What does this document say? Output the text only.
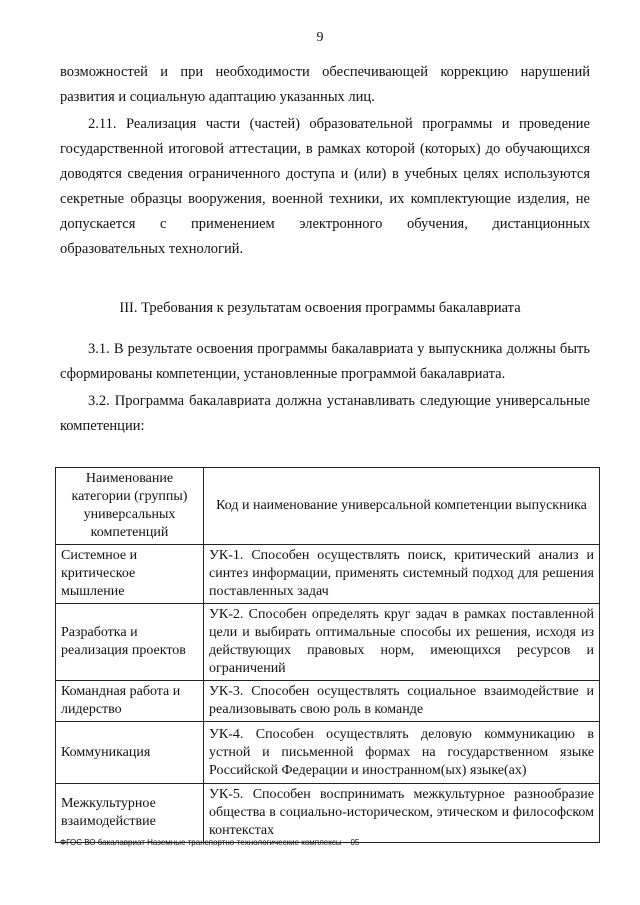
9

возможностей и при необходимости обеспечивающей коррекцию нарушений развития и социальную адаптацию указанных лиц.

2.11. Реализация части (частей) образовательной программы и проведение государственной итоговой аттестации, в рамках которой (которых) до обучающихся доводятся сведения ограниченного доступа и (или) в учебных целях используются секретные образцы вооружения, военной техники, их комплектующие изделия, не допускается с применением электронного обучения, дистанционных образовательных технологий.

III. Требования к результатам освоения программы бакалавриата

3.1. В результате освоения программы бакалавриата у выпускника должны быть сформированы компетенции, установленные программой бакалавриата.

3.2. Программа бакалавриата должна устанавливать следующие универсальные компетенции:

Наименование категории (группы) универсальных компетенций	Код и наименование универсальной компетенции выпускника
Системное и критическое мышление	УК-1. Способен осуществлять поиск, критический анализ и синтез информации, применять системный подход для решения поставленных задач
Разработка и реализация проектов	УК-2. Способен определять круг задач в рамках поставленной цели и выбирать оптимальные способы их решения, исходя из действующих правовых норм, имеющихся ресурсов и ограничений
Командная работа и лидерство	УК-3. Способен осуществлять социальное взаимодействие и реализовывать свою роль в команде
Коммуникация	УК-4. Способен осуществлять деловую коммуникацию в устной и письменной формах на государственном языке Российской Федерации и иностранном(ых) языке(ах)
Межкультурное взаимодействие	УК-5. Способен воспринимать межкультурное разнообразие общества в социально-историческом, этическом и философском контекстах
ФГОС ВО бакалавриат Наземные транспортно-технологические комплексы – 05
